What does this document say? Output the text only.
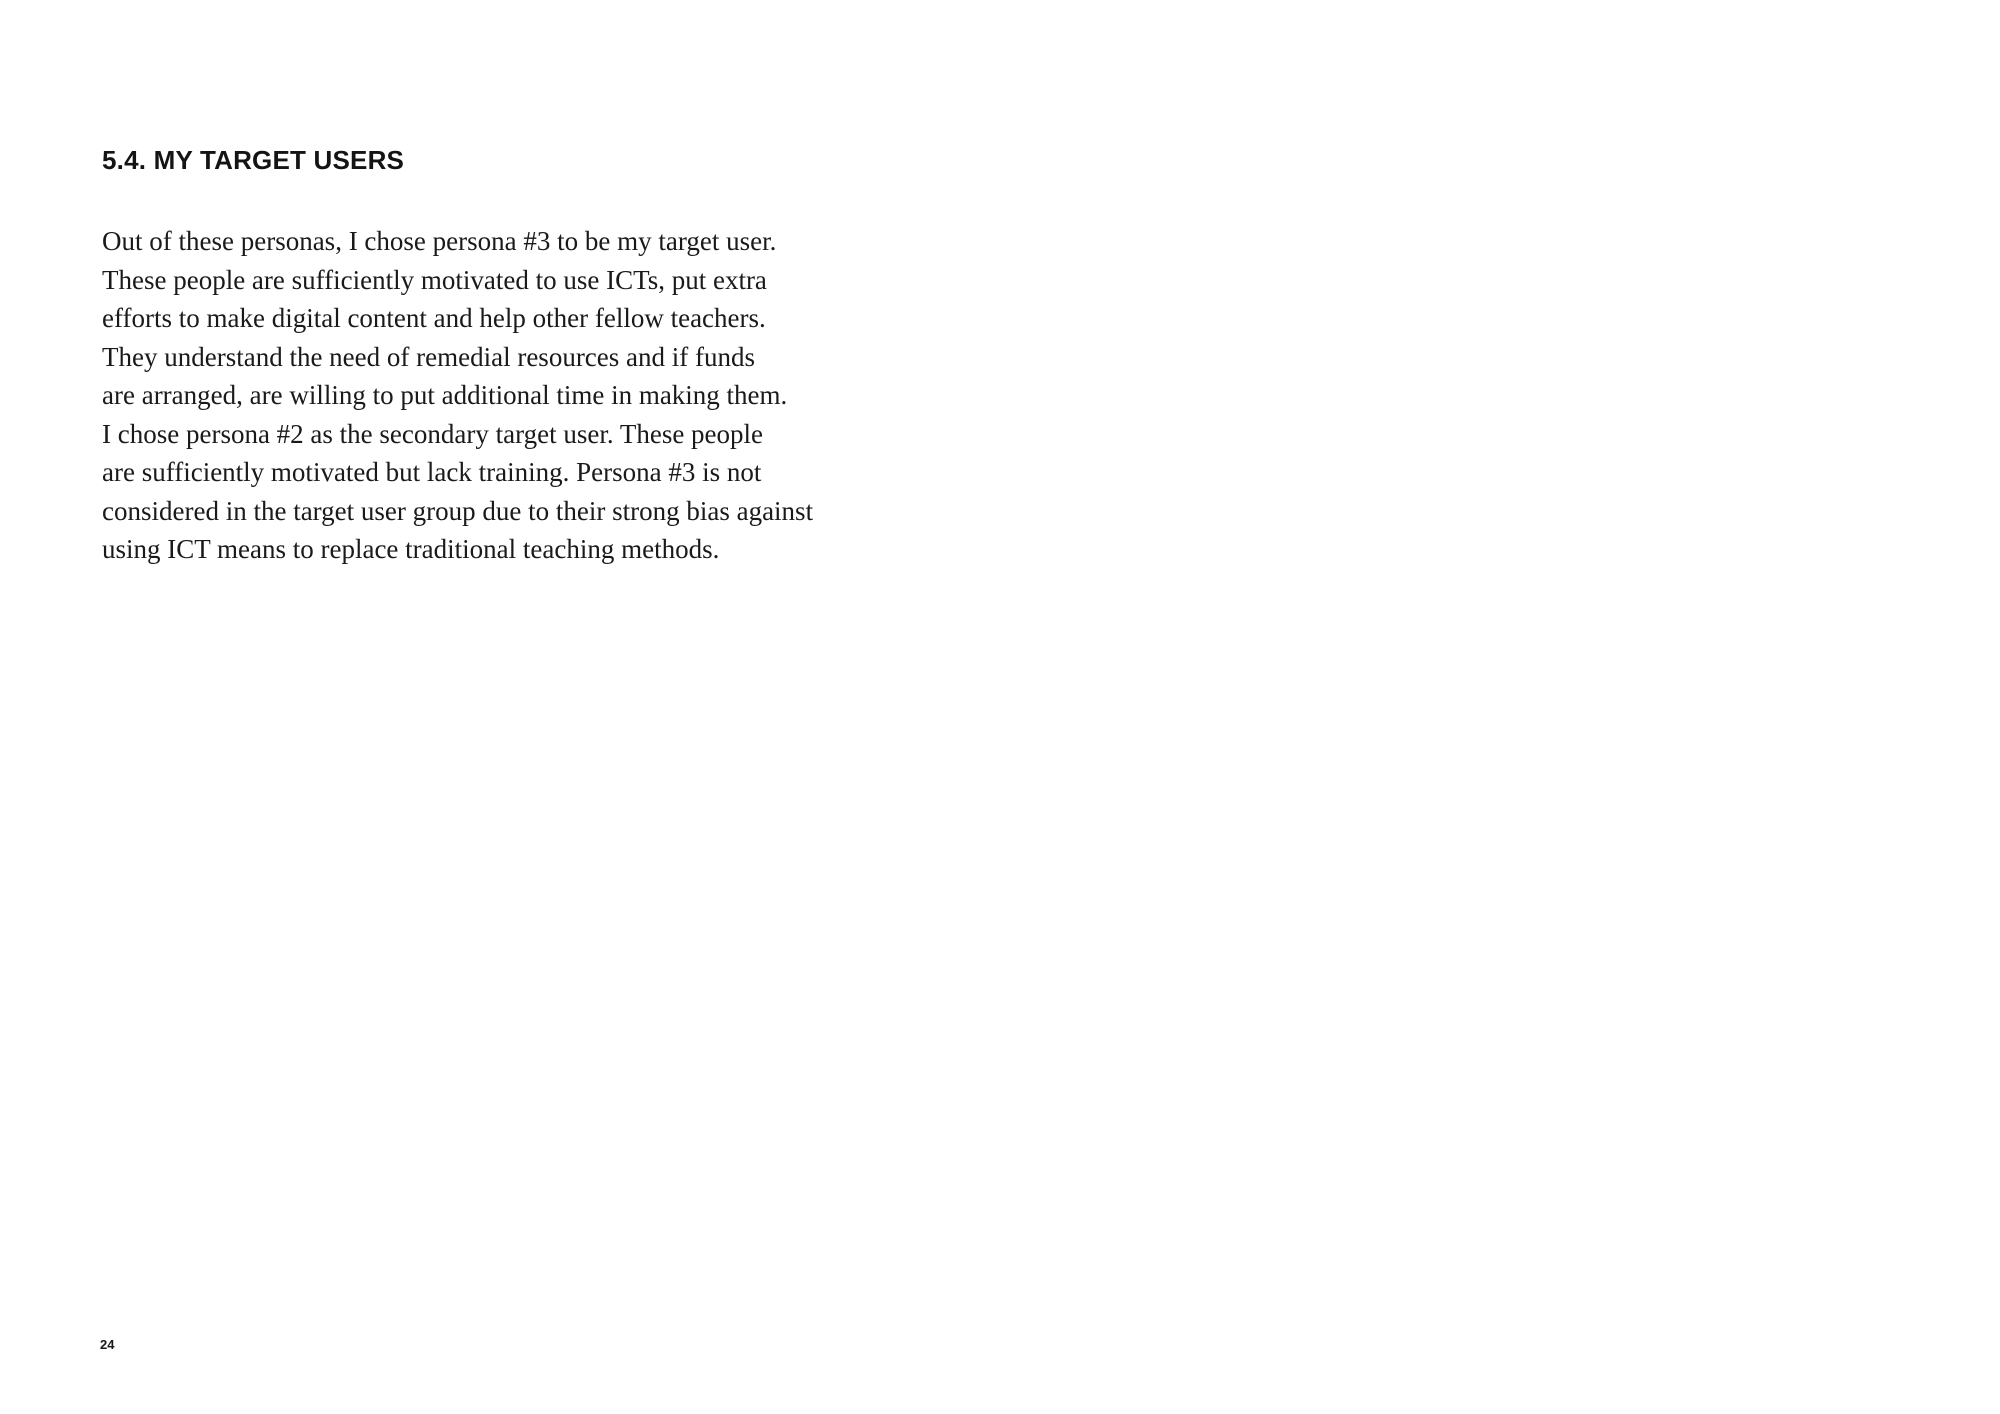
5.4. MY TARGET USERS
Out of these personas, I chose persona #3 to be my target user.
These people are sufficiently motivated to use ICTs, put extra
efforts to make digital content and help other fellow teachers.
They understand the need of remedial resources and if funds
are arranged, are willing to put additional time in making them.
I chose persona #2 as the secondary target user. These people
are sufficiently motivated but lack training. Persona #3 is not
considered in the target user group due to their strong bias against
using ICT means to replace traditional teaching methods.
24
